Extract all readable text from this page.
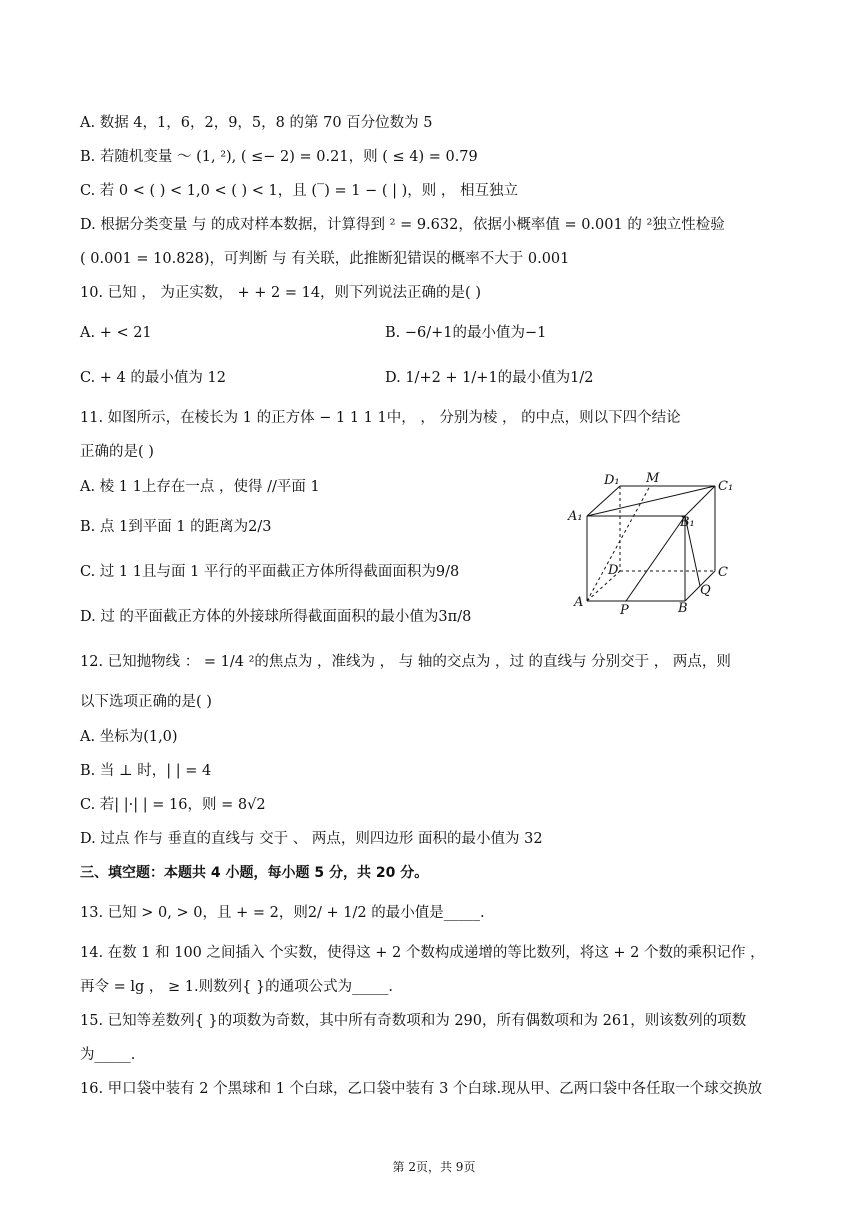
A. 数据 4，1，6，2，9，5，8 的第 70 百分位数为 5
B. 若随机变量 ～ (1, ²), ( ≤− 2) = 0.21，则 ( ≤ 4) = 0.79
C. 若 0 < ( ) < 1,0 < ( ) < 1，且 (‾) = 1 − ( | )，则 ， 相互独立
D. 根据分类变量 与 的成对样本数据，计算得到 ² = 9.632，依据小概率值 = 0.001 的 ²独立性检验
( 0.001 = 10.828)，可判断 与 有关联，此推断犯错误的概率不大于 0.001
10. 已知 ， 为正实数， + + 2 = 14，则下列说法正确的是( )
A. + < 21	B. −6/+1的最小值为−1
C. + 4 的最小值为 12	D. 1/+2 + 1/+1的最小值为1/2
11. 如图所示，在棱长为 1 的正方体 − 1 1 1 1中， ， 分别为棱 ， 的中点，则以下四个结论
正确的是( )
A. 棱 1 1上存在一点 ，使得 //平面 1
B. 点 1到平面 1 的距离为2/3
C. 过 1 1且与面 1 平行的平面截正方体所得截面面积为9/8
D. 过 的平面截正方体的外接球所得截面面积的最小值为3π/8
12. 已知抛物线 ： = 1/4 ²的焦点为 ，准线为 ， 与 轴的交点为 ，过 的直线与 分别交于 ， 两点，则
以下选项正确的是( )
A. 坐标为(1,0)
B. 当 ⊥ 时，| | = 4
C. 若| |·| | = 16，则 = 8√2
D. 过点 作与 垂直的直线与 交于 、 两点，则四边形 面积的最小值为 32
三、填空题：本题共 4 小题，每小题 5 分，共 20 分。
13. 已知 > 0, > 0，且 + = 2，则2/ + 1/2 的最小值是_____.
14. 在数 1 和 100 之间插入 个实数，使得这 + 2 个数构成递增的等比数列，将这 + 2 个数的乘积记作 ，
再令 = lg ， ≥ 1.则数列{ }的通项公式为_____.
15. 已知等差数列{ }的项数为奇数，其中所有奇数项和为 290，所有偶数项和为 261，则该数列的项数
为_____.
16. 甲口袋中装有 2 个黑球和 1 个白球，乙口袋中装有 3 个白球.现从甲、乙两口袋中各任取一个球交换放
D₁ M
C₁
A₁	B₁
D	C
A
P	B
Q
第 2页，共 9页
